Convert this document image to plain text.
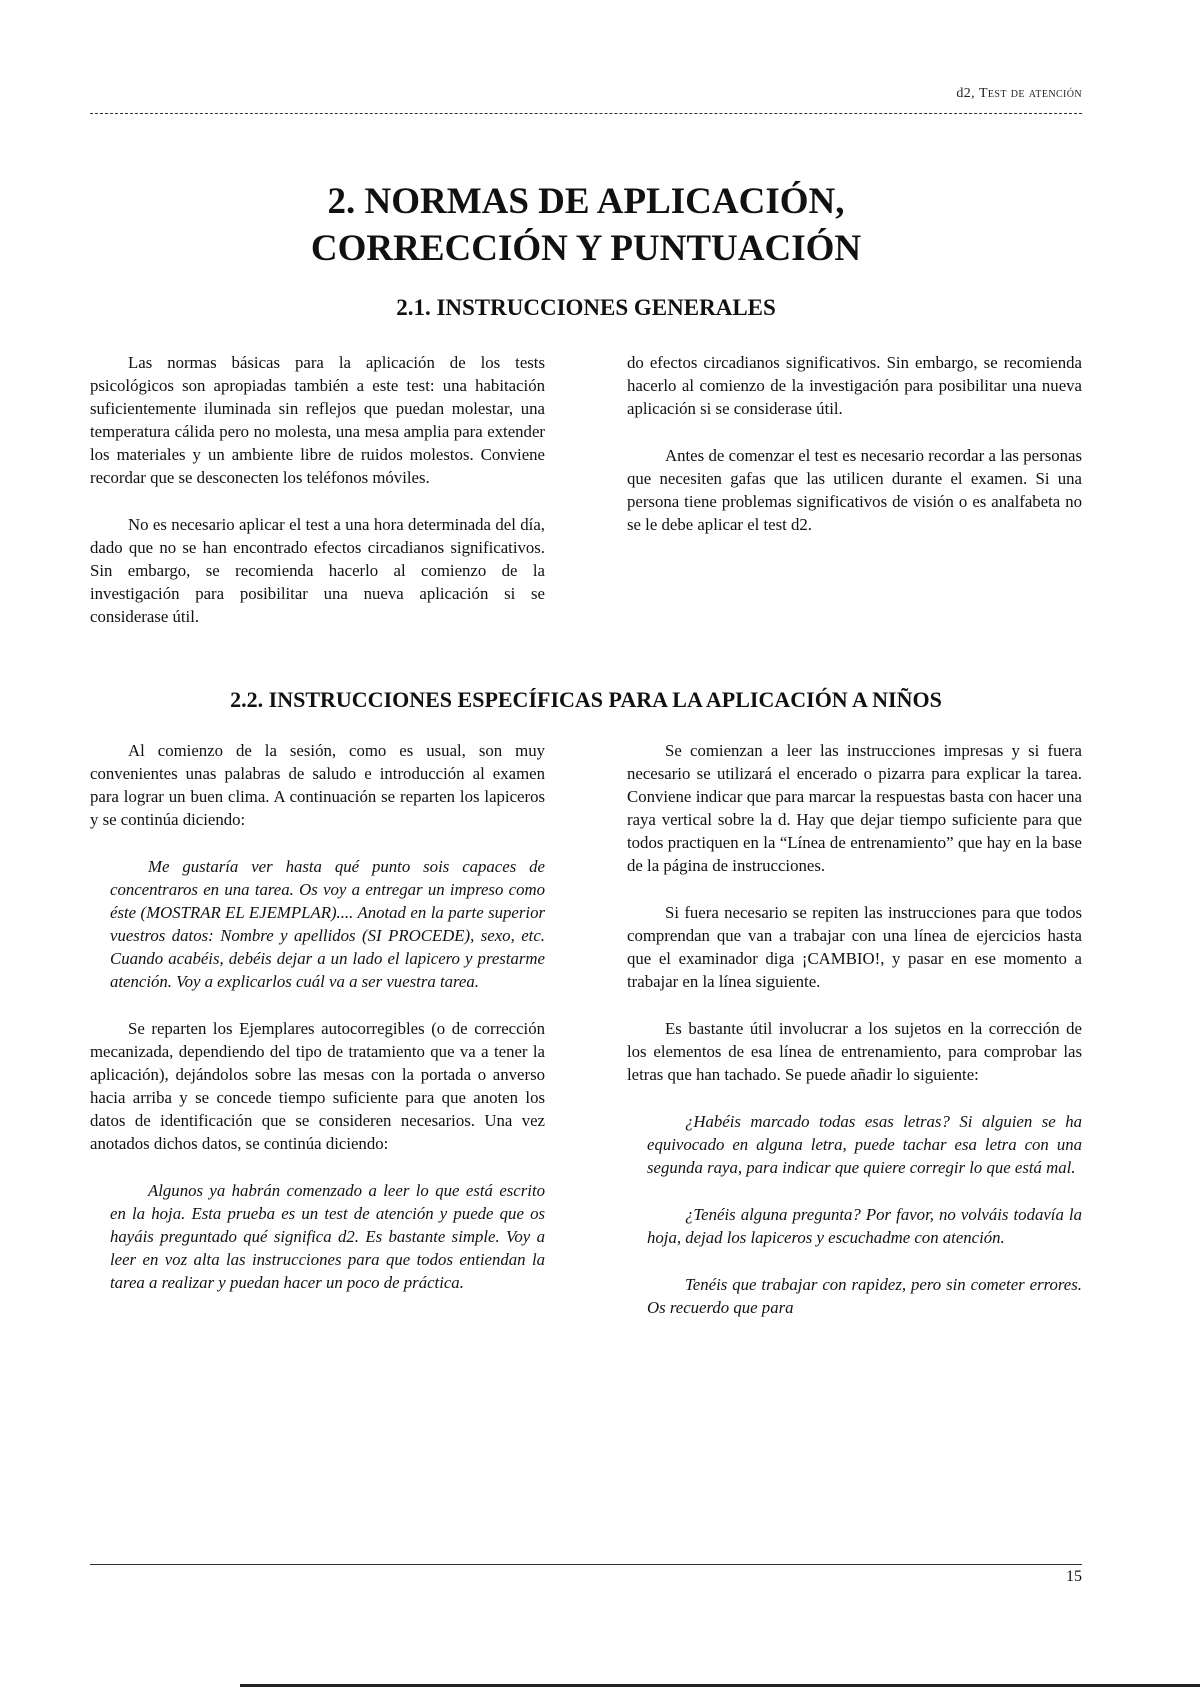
d2, Test de atención
2. NORMAS DE APLICACIÓN,
CORRECCIÓN Y PUNTUACIÓN
2.1. INSTRUCCIONES GENERALES

Las normas básicas para la aplicación de los tests psicológicos son apropiadas también a este test: una habitación suficientemente iluminada sin reflejos que puedan molestar, una temperatura cálida pero no molesta, una mesa amplia para extender los materiales y un ambiente libre de ruidos molestos. Conviene recordar que se desconecten los teléfonos móviles.

No es necesario aplicar el test a una hora determinada del día, dado que no se han encontrado efectos circadianos significativos. Sin embargo, se recomienda hacerlo al comienzo de la investigación para posibilitar una nueva aplicación si se considerase útil.

do efectos circadianos significativos. Sin embargo, se recomienda hacerlo al comienzo de la investigación para posibilitar una nueva aplicación si se considerase útil.

Antes de comenzar el test es necesario recordar a las personas que necesiten gafas que las utilicen durante el examen. Si una persona tiene problemas significativos de visión o es analfabeta no se le debe aplicar el test d2.

2.2. INSTRUCCIONES ESPECÍFICAS PARA LA APLICACIÓN A NIÑOS

Al comienzo de la sesión, como es usual, son muy convenientes unas palabras de saludo e introducción al examen para lograr un buen clima. A continuación se reparten los lapiceros y se continúa diciendo:

Me gustaría ver hasta qué punto sois capaces de concentraros en una tarea. Os voy a entregar un impreso como éste (MOSTRAR EL EJEMPLAR).... Anotad en la parte superior vuestros datos: Nombre y apellidos (SI PROCEDE), sexo, etc. Cuando acabéis, debéis dejar a un lado el lapicero y prestarme atención. Voy a explicarlos cuál va a ser vuestra tarea.

Se reparten los Ejemplares autocorregibles (o de corrección mecanizada, dependiendo del tipo de tratamiento que va a tener la aplicación), dejándolos sobre las mesas con la portada o anverso hacia arriba y se concede tiempo suficiente para que anoten los datos de identificación que se consideren necesarios. Una vez anotados dichos datos, se continúa diciendo:

Algunos ya habrán comenzado a leer lo que está escrito en la hoja. Esta prueba es un test de atención y puede que os hayáis preguntado qué significa d2. Es bastante simple. Voy a leer en voz alta las instrucciones para que todos entiendan la tarea a realizar y puedan hacer un poco de práctica.

Se comienzan a leer las instrucciones impresas y si fuera necesario se utilizará el encerado o pizarra para explicar la tarea. Conviene indicar que para marcar la respuestas basta con hacer una raya vertical sobre la d. Hay que dejar tiempo suficiente para que todos practiquen en la “Línea de entrenamiento” que hay en la base de la página de instrucciones.

Si fuera necesario se repiten las instrucciones para que todos comprendan que van a trabajar con una línea de ejercicios hasta que el examinador diga ¡CAMBIO!, y pasar en ese momento a trabajar en la línea siguiente.

Es bastante útil involucrar a los sujetos en la corrección de los elementos de esa línea de entrenamiento, para comprobar las letras que han tachado. Se puede añadir lo siguiente:

¿Habéis marcado todas esas letras? Si alguien se ha equivocado en alguna letra, puede tachar esa letra con una segunda raya, para indicar que quiere corregir lo que está mal.

¿Tenéis alguna pregunta? Por favor, no volváis todavía la hoja, dejad los lapiceros y escuchadme con atención.

Tenéis que trabajar con rapidez, pero sin cometer errores. Os recuerdo que para

15
